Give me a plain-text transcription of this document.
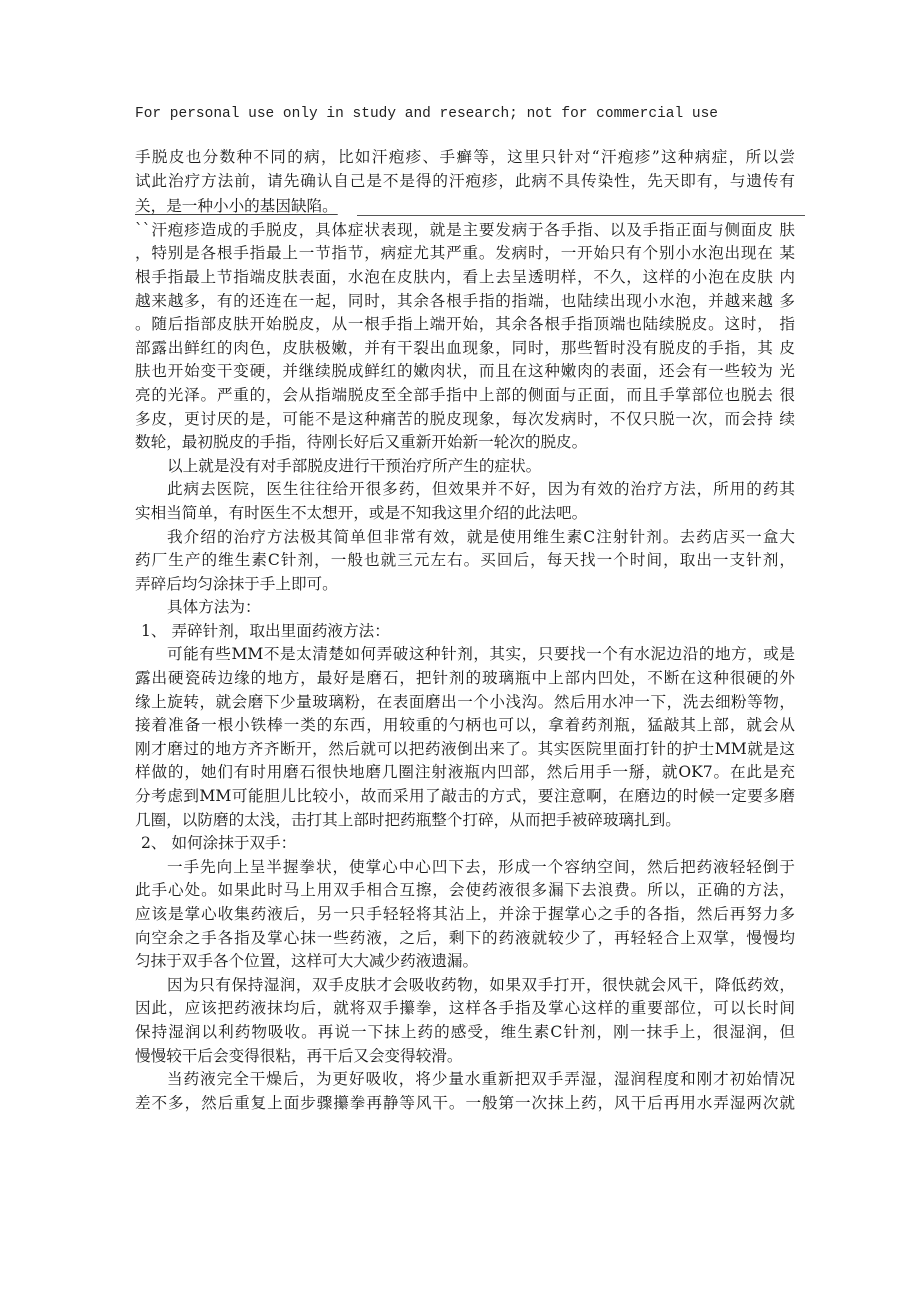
For personal use only in study and research; not for commercial use
手脱皮也分数种不同的病，比如汗疱疹、手癣等，这里只针对“汗疱疹”这种病症，所以尝
试此治疗方法前，请先确认自己是不是得的汗疱疹，此病不具传染性，先天即有，与遗传有
关，是一种小小的基因缺陷。
``汗疱疹造成的手脱皮，具体症状表现，就是主要发病于各手指、以及手指正面与侧面皮 肤
，特别是各根手指最上一节指节，病症尤其严重。发病时，一开始只有个别小水泡出现在 某
根手指最上节指端皮肤表面，水泡在皮肤内，看上去呈透明样，不久，这样的小泡在皮肤 内
越来越多，有的还连在一起，同时，其余各根手指的指端，也陆续出现小水泡，并越来越 多
。随后指部皮肤开始脱皮，从一根手指上端开始，其余各根手指顶端也陆续脱皮。这时， 指
部露出鲜红的肉色，皮肤极嫩，并有干裂出血现象，同时，那些暂时没有脱皮的手指，其 皮
肤也开始变干变硬，并继续脱成鲜红的嫩肉状，而且在这种嫩肉的表面，还会有一些较为 光
亮的光泽。严重的，会从指端脱皮至全部手指中上部的侧面与正面，而且手掌部位也脱去 很
多皮，更讨厌的是，可能不是这种痛苦的脱皮现象，每次发病时，不仅只脱一次，而会持 续
数轮，最初脱皮的手指，待刚长好后又重新开始新一轮次的脱皮。
以上就是没有对手部脱皮进行干预治疗所产生的症状。
此病去医院，医生往往给开很多药，但效果并不好，因为有效的治疗方法，所用的药其
实相当简单，有时医生不太想开，或是不知我这里介绍的此法吧。
我介绍的治疗方法极其简单但非常有效，就是使用维生素C注射针剂。去药店买一盒大
药厂生产的维生素C针剂，一般也就三元左右。买回后，每天找一个时间，取出一支针剂，
弄碎后均匀涂抹于手上即可。
具体方法为：
1、 弄碎针剂，取出里面药液方法：
可能有些MM不是太清楚如何弄破这种针剂，其实，只要找一个有水泥边沿的地方，或是
露出硬瓷砖边缘的地方，最好是磨石，把针剂的玻璃瓶中上部内凹处，不断在这种很硬的外
缘上旋转，就会磨下少量玻璃粉，在表面磨出一个小浅沟。然后用水冲一下，洗去细粉等物，
接着准备一根小铁棒一类的东西，用较重的勺柄也可以，拿着药剂瓶，猛敲其上部，就会从
刚才磨过的地方齐齐断开，然后就可以把药液倒出来了。其实医院里面打针的护士MM就是这
样做的，她们有时用磨石很快地磨几圈注射液瓶内凹部，然后用手一掰，就OK7。在此是充
分考虑到MM可能胆儿比较小，故而采用了敲击的方式，要注意啊，在磨边的时候一定要多磨
几圈，以防磨的太浅，击打其上部时把药瓶整个打碎，从而把手被碎玻璃扎到。
2、 如何涂抹于双手：
一手先向上呈半握拳状，使掌心中心凹下去，形成一个容纳空间，然后把药液轻轻倒于
此手心处。如果此时马上用双手相合互擦，会使药液很多漏下去浪费。所以，正确的方法，
应该是掌心收集药液后，另一只手轻轻将其沾上，并涂于握掌心之手的各指，然后再努力多
向空余之手各指及掌心抹一些药液，之后，剩下的药液就较少了，再轻轻合上双掌，慢慢均
匀抹于双手各个位置，这样可大大减少药液遗漏。
因为只有保持湿润，双手皮肤才会吸收药物，如果双手打开，很快就会风干，降低药效，
因此，应该把药液抹均后，就将双手攥拳，这样各手指及掌心这样的重要部位，可以长时间
保持湿润以利药物吸收。再说一下抹上药的感受，维生素C针剂，刚一抹手上，很湿润，但
慢慢较干后会变得很粘，再干后又会变得较滑。
当药液完全干燥后，为更好吸收，将少量水重新把双手弄湿，湿润程度和刚才初始情况
差不多，然后重复上面步骤攥拳再静等风干。一般第一次抹上药，风干后再用水弄湿两次就
